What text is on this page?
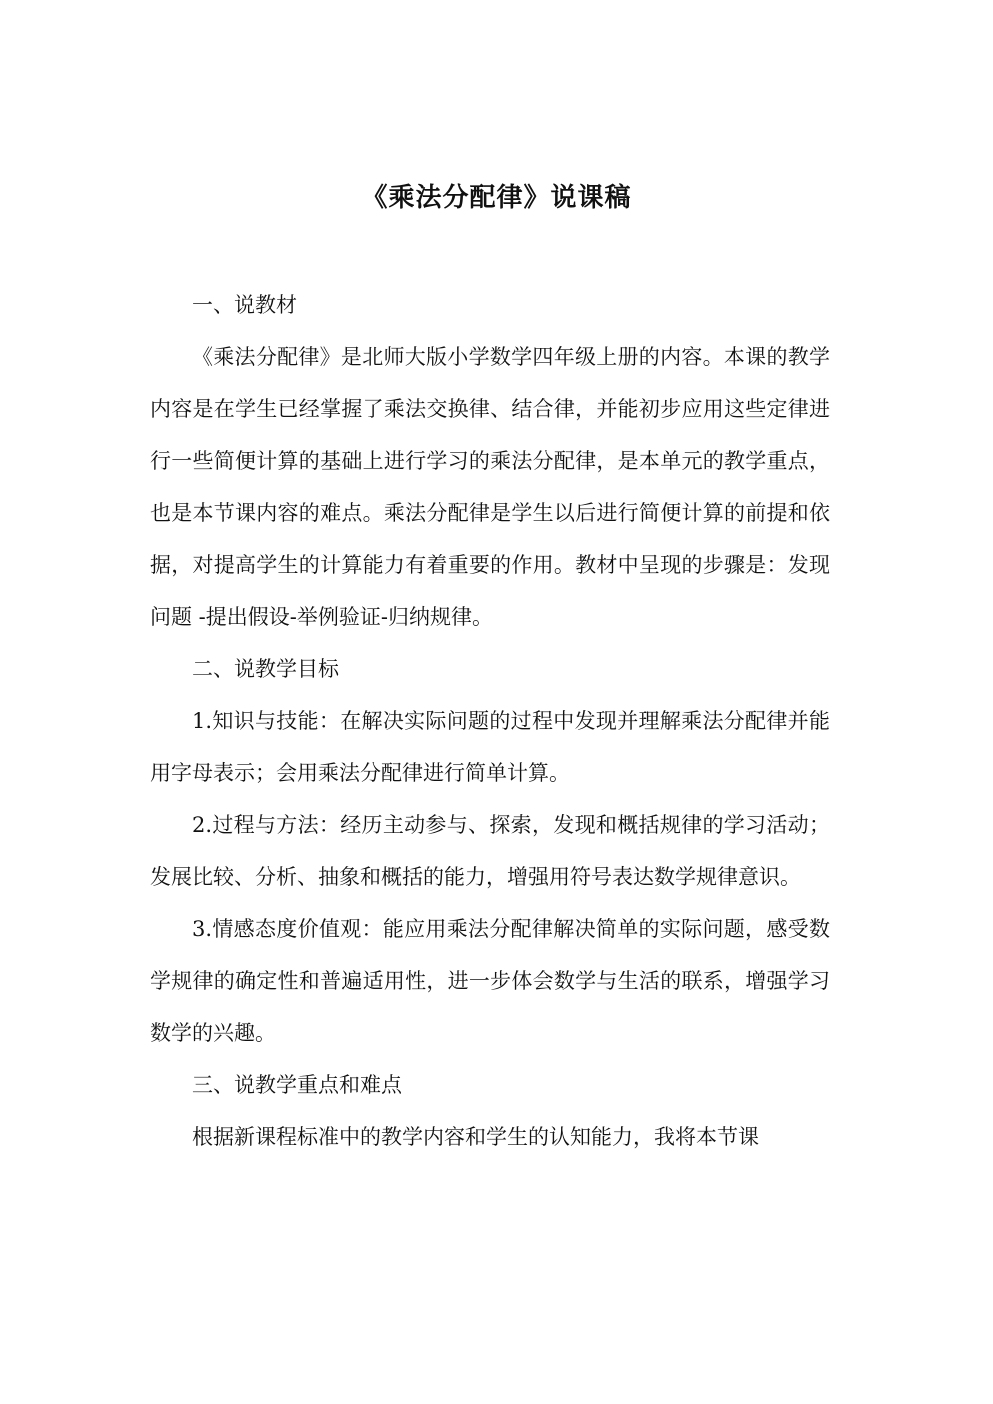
《乘法分配律》说课稿

一、说教材

《乘法分配律》是北师大版小学数学四年级上册的内容。本课的教学内容是在学生已经掌握了乘法交换律、结合律，并能初步应用这些定律进行一些简便计算的基础上进行学习的乘法分配律，是本单元的教学重点，也是本节课内容的难点。乘法分配律是学生以后进行简便计算的前提和依据，对提高学生的计算能力有着重要的作用。教材中呈现的步骤是：发现问题 -提出假设-举例验证-归纳规律。

二、说教学目标

1.知识与技能：在解决实际问题的过程中发现并理解乘法分配律并能用字母表示；会用乘法分配律进行简单计算。

2.过程与方法：经历主动参与、探索，发现和概括规律的学习活动；发展比较、分析、抽象和概括的能力，增强用符号表达数学规律意识。

3.情感态度价值观：能应用乘法分配律解决简单的实际问题，感受数学规律的确定性和普遍适用性，进一步体会数学与生活的联系，增强学习数学的兴趣。

三、说教学重点和难点

根据新课程标准中的教学内容和学生的认知能力，我将本节课
